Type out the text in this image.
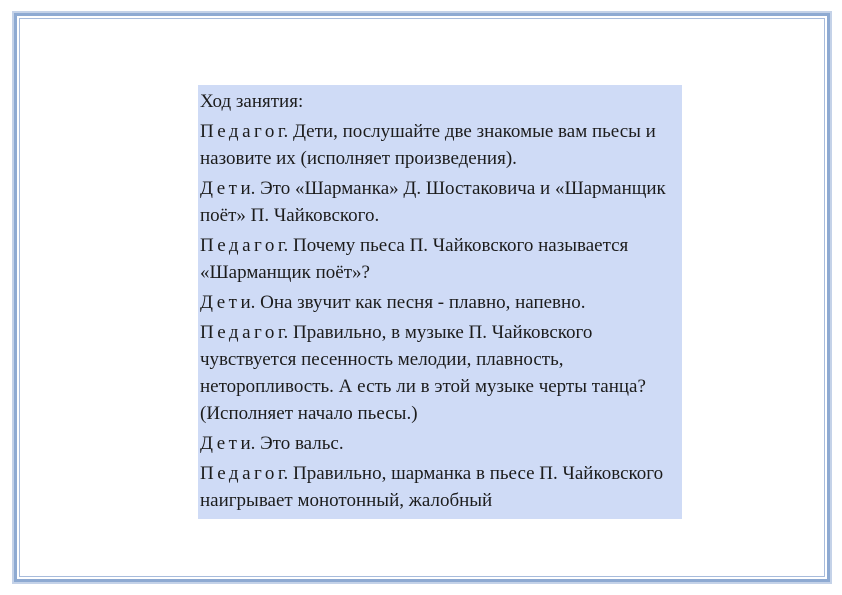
Ход занятия:

Педагог. Дети, послушайте две знакомые вам пьесы и назовите их (исполняет произведения).

Дети. Это «Шарманка» Д. Шостаковича и «Шарманщик поёт» П. Чайковского.

Педагог. Почему пьеса П. Чайковского называется «Шарманщик поёт»?

Дети. Она звучит как песня - плавно, напевно.

Педагог. Правильно, в музыке П. Чайковского чувствуется песенность мелодии, плавность, неторопливость. А есть ли в этой музыке черты танца? (Исполняет начало пьесы.)

Дети. Это вальс.

Педагог. Правильно, шарманка в пьесе П. Чайковского наигрывает монотонный, жалобный
